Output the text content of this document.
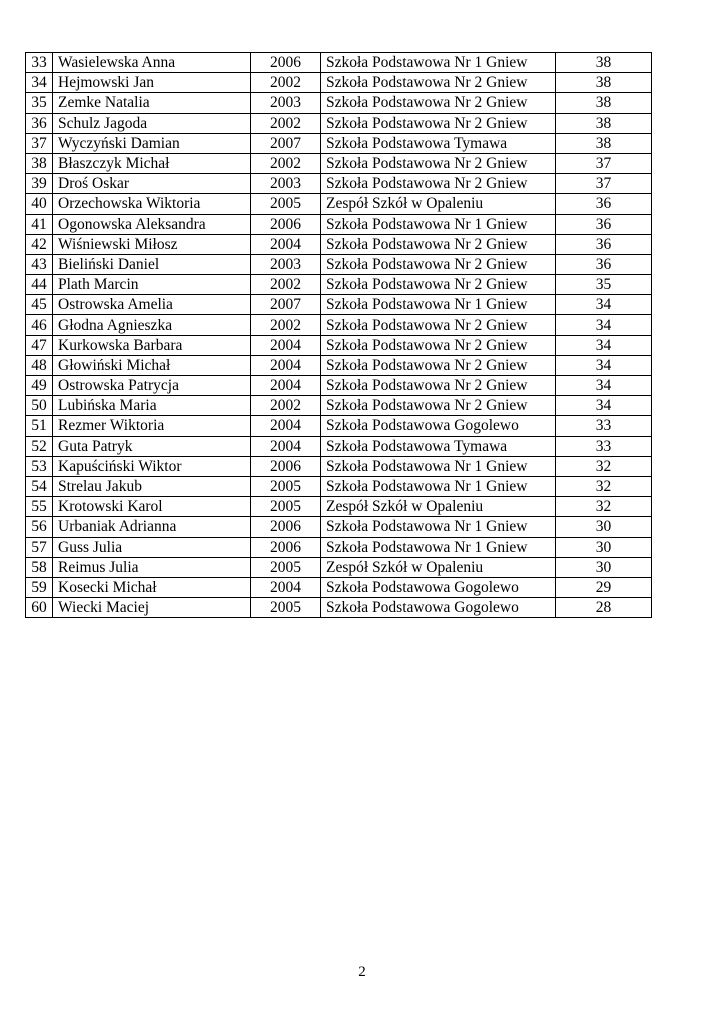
33	Wasielewska Anna	2006	Szkoła Podstawowa Nr 1 Gniew	38
34	Hejmowski Jan	2002	Szkoła Podstawowa Nr 2 Gniew	38
35	Zemke Natalia	2003	Szkoła Podstawowa Nr 2 Gniew	38
36	Schulz Jagoda	2002	Szkoła Podstawowa Nr 2 Gniew	38
37	Wyczyński Damian	2007	Szkoła Podstawowa Tymawa	38
38	Błaszczyk Michał	2002	Szkoła Podstawowa Nr 2 Gniew	37
39	Droś Oskar	2003	Szkoła Podstawowa Nr 2 Gniew	37
40	Orzechowska Wiktoria	2005	Zespół Szkół w Opaleniu	36
41	Ogonowska Aleksandra	2006	Szkoła Podstawowa Nr 1 Gniew	36
42	Wiśniewski Miłosz	2004	Szkoła Podstawowa Nr 2 Gniew	36
43	Bieliński Daniel	2003	Szkoła Podstawowa Nr 2 Gniew	36
44	Plath Marcin	2002	Szkoła Podstawowa Nr 2 Gniew	35
45	Ostrowska Amelia	2007	Szkoła Podstawowa Nr 1 Gniew	34
46	Głodna Agnieszka	2002	Szkoła Podstawowa Nr 2 Gniew	34
47	Kurkowska Barbara	2004	Szkoła Podstawowa Nr 2 Gniew	34
48	Głowiński Michał	2004	Szkoła Podstawowa Nr 2 Gniew	34
49	Ostrowska Patrycja	2004	Szkoła Podstawowa Nr 2 Gniew	34
50	Lubińska Maria	2002	Szkoła Podstawowa Nr 2 Gniew	34
51	Rezmer Wiktoria	2004	Szkoła Podstawowa Gogolewo	33
52	Guta Patryk	2004	Szkoła Podstawowa Tymawa	33
53	Kapuściński Wiktor	2006	Szkoła Podstawowa Nr 1 Gniew	32
54	Strelau Jakub	2005	Szkoła Podstawowa Nr 1 Gniew	32
55	Krotowski Karol	2005	Zespół Szkół w Opaleniu	32
56	Urbaniak Adrianna	2006	Szkoła Podstawowa Nr 1 Gniew	30
57	Guss Julia	2006	Szkoła Podstawowa Nr 1 Gniew	30
58	Reimus Julia	2005	Zespół Szkół w Opaleniu	30
59	Kosecki Michał	2004	Szkoła Podstawowa Gogolewo	29
60	Wiecki Maciej	2005	Szkoła Podstawowa Gogolewo	28
2
